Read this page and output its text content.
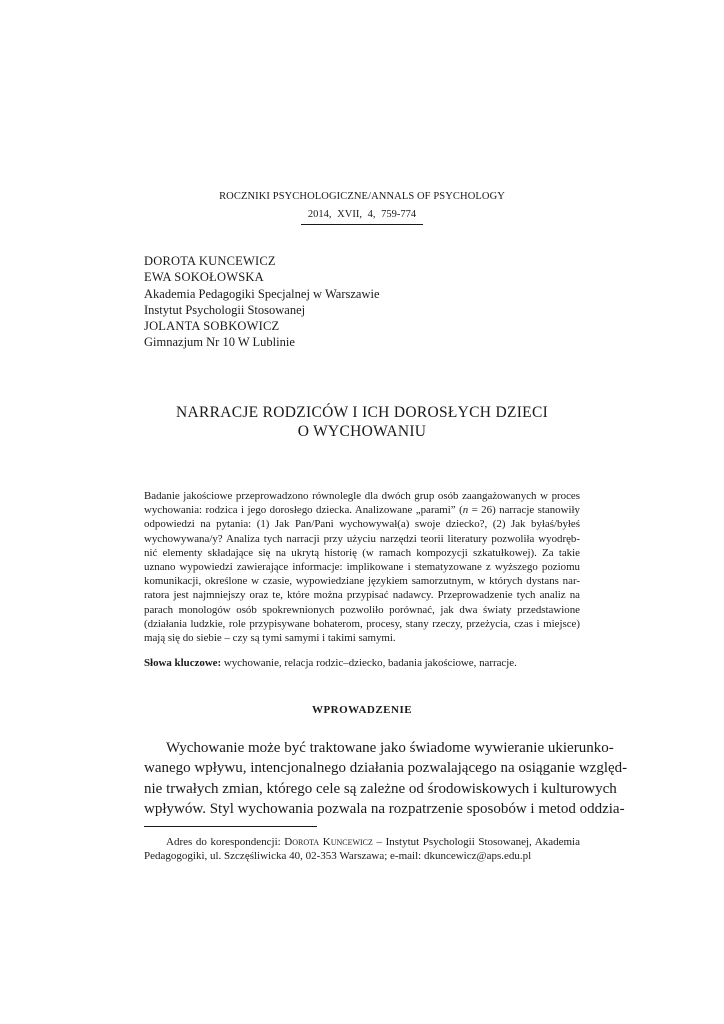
ROCZNIKI PSYCHOLOGICZNE/ANNALS OF PSYCHOLOGY
2014, XVII, 4, 759-774
DOROTA KUNCEWICZ
EWA SOKOŁOWSKA
Akademia Pedagogiki Specjalnej w Warszawie
Instytut Psychologii Stosowanej
JOLANTA SOBKOWICZ
Gimnazjum Nr 10 W Lublinie
NARRACJE RODZICÓW I ICH DOROSŁYCH DZIECI
O WYCHOWANIU
Badanie jakościowe przeprowadzono równolegle dla dwóch grup osób zaangażowanych w proces
wychowania: rodzica i jego dorosłego dziecka. Analizowane „parami” (n = 26) narracje stanowiły
odpowiedzi na pytania: (1) Jak Pan/Pani wychowywał(a) swoje dziecko?, (2) Jak byłaś/byłeś
wychowywana/y? Analiza tych narracji przy użyciu narzędzi teorii literatury pozwoliła wyodręb-
nić elementy składające się na ukrytą historię (w ramach kompozycji szkatułkowej). Za takie
uznano wypowiedzi zawierające informacje: implikowane i stematyzowane z wyższego poziomu
komunikacji, określone w czasie, wypowiedziane językiem samorzutnym, w których dystans nar-
ratora jest najmniejszy oraz te, które można przypisać nadawcy. Przeprowadzenie tych analiz na
parach monologów osób spokrewnionych pozwoliło porównać, jak dwa światy przedstawione
(działania ludzkie, role przypisywane bohaterom, procesy, stany rzeczy, przeżycia, czas i miejsce)
mają się do siebie – czy są tymi samymi i takimi samymi.
Słowa kluczowe: wychowanie, relacja rodzic–dziecko, badania jakościowe, narracje.
WPROWADZENIE
Wychowanie może być traktowane jako świadome wywieranie ukierunko-
wanego wpływu, intencjonalnego działania pozwalającego na osiąganie względ-
nie trwałych zmian, którego cele są zależne od środowiskowych i kulturowych
wpływów. Styl wychowania pozwala na rozpatrzenie sposobów i metod oddzia-
Adres do korespondencji: Dorota Kuncewicz – Instytut Psychologii Stosowanej, Akademia
Pedagogogiki, ul. Szczęśliwicka 40, 02-353 Warszawa; e-mail: dkuncewicz@aps.edu.pl
